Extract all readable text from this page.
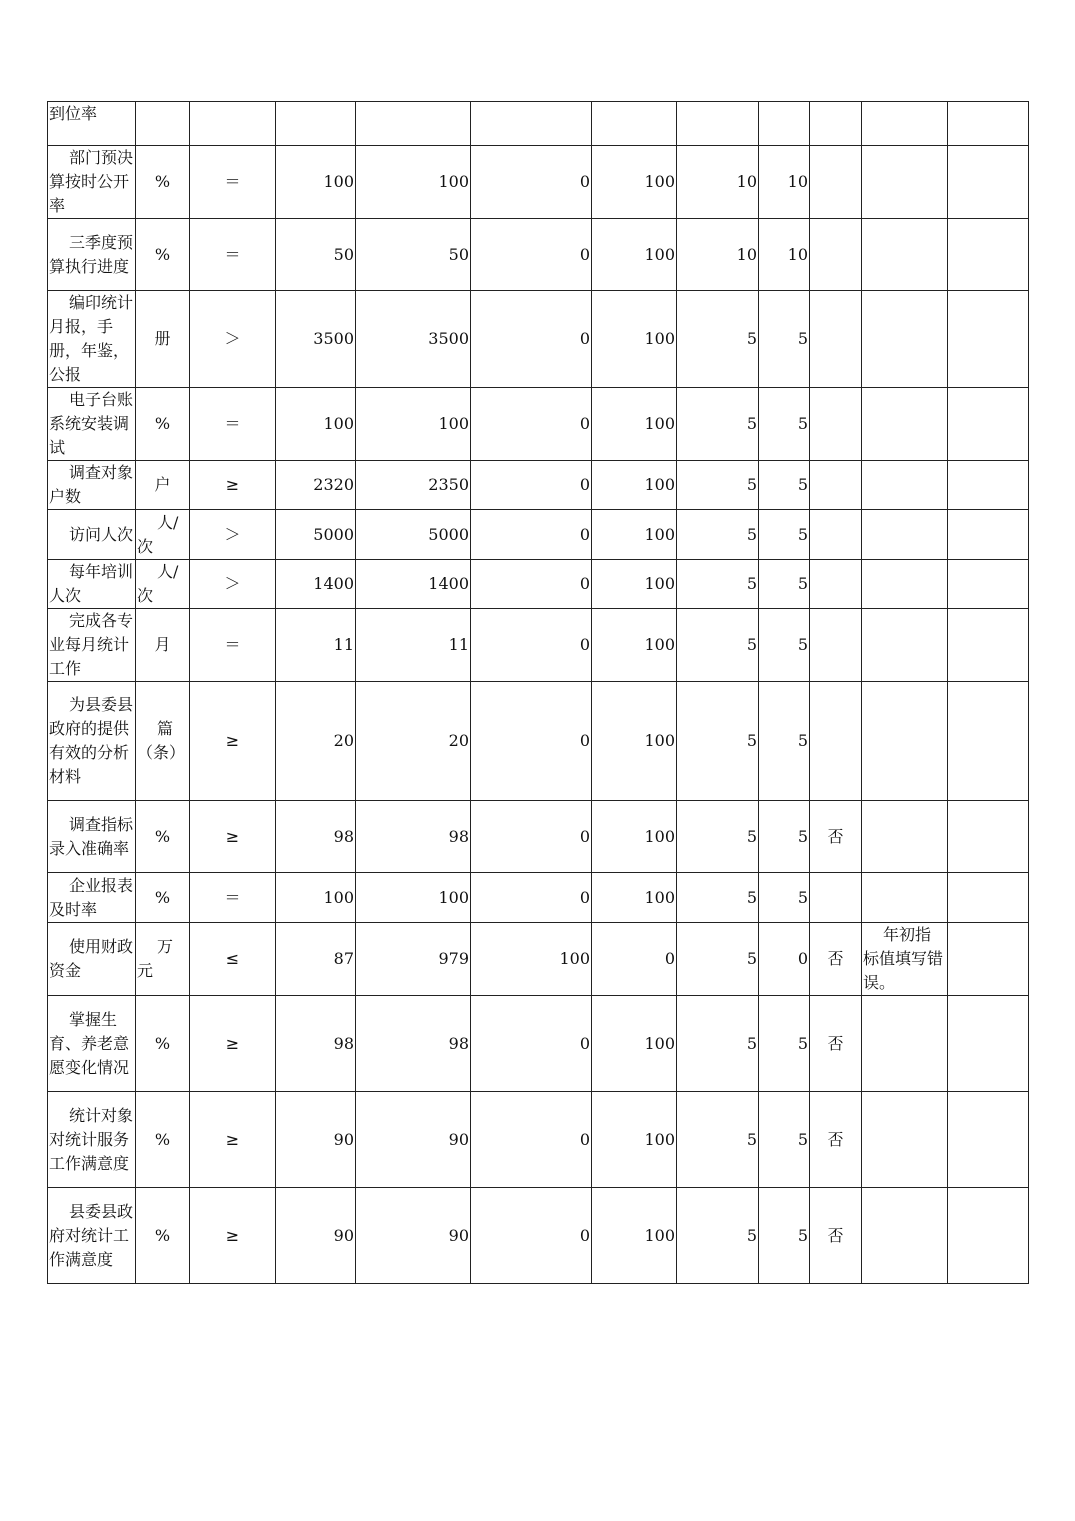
到位率											
部门预决算按时公开率	%	＝	100	100	0	100	10	10			
三季度预算执行进度	%	＝	50	50	0	100	10	10			
编印统计月报，手册，年鉴，公报	册	＞	3500	3500	0	100	5	5			
电子台账系统安装调试	%	＝	100	100	0	100	5	5			
调查对象户数	户	≥	2320	2350	0	100	5	5			
访问人次	人/次	＞	5000	5000	0	100	5	5			
每年培训人次	人/次	＞	1400	1400	0	100	5	5			
完成各专业每月统计工作	月	＝	11	11	0	100	5	5			
为县委县政府的提供有效的分析材料	篇（条）	≥	20	20	0	100	5	5			
调查指标录入准确率	%	≥	98	98	0	100	5	5	否		
企业报表及时率	%	＝	100	100	0	100	5	5			
使用财政资金	万元	≤	87	979	100	0	5	0	否	年初指标值填写错误。	
掌握生育、养老意愿变化情况	%	≥	98	98	0	100	5	5	否		
统计对象对统计服务工作满意度	%	≥	90	90	0	100	5	5	否		
县委县政府对统计工作满意度	%	≥	90	90	0	100	5	5	否		
